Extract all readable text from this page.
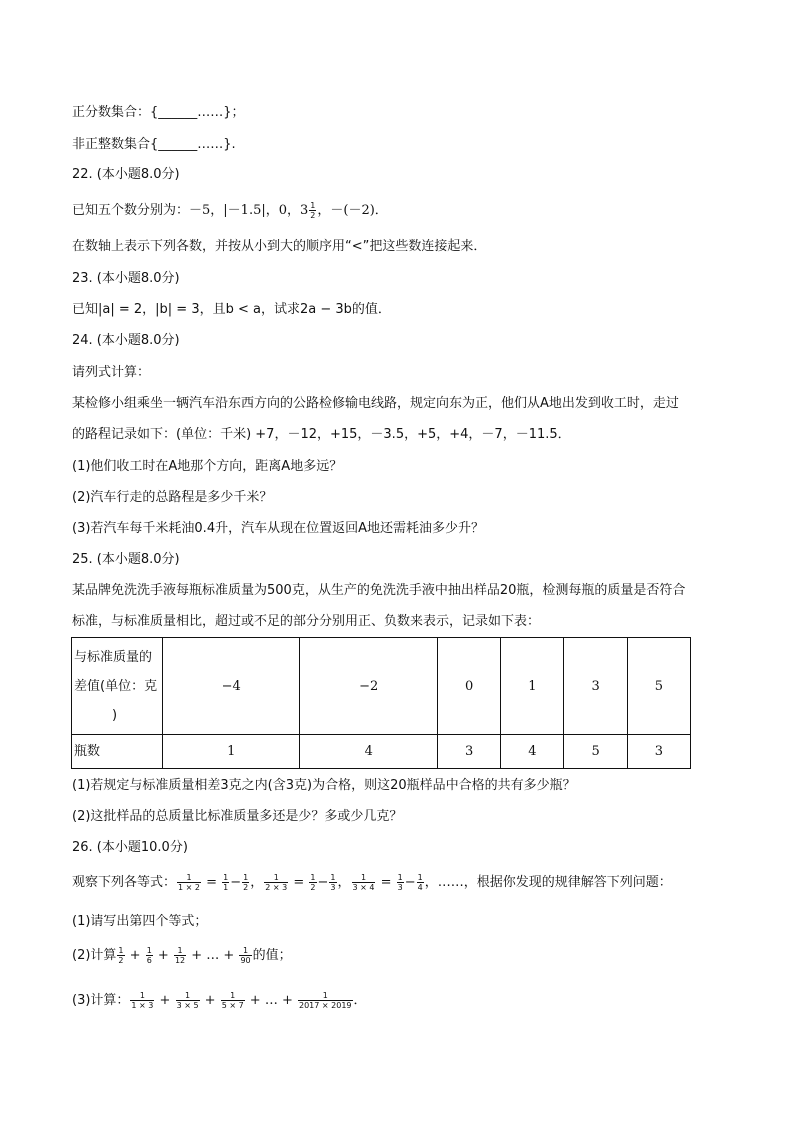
正分数集合：{______……}；
非正整数集合{______……}.
22. (本小题8.0分)
已知五个数分别为：－5，|－1.5|，0，$3 \frac{1}{2}$ ，－(－2)．
在数轴上表示下列各数，并按从小到大的顺序用“<”把这些数连接起来．
23. (本小题8.0分)
已知|a| = 2，|b| = 3，且b < a，试求2a − 3b的值．
24. (本小题8.0分)
请列式计算：
某检修小组乘坐一辆汽车沿东西方向的公路检修输电线路，规定向东为正，他们从A地出发到收工时，走过
的路程记录如下：(单位：千米) +7，－12，+15，－3.5，+5，+4，－7，－11.5．
(1)他们收工时在A地那个方向，距离A地多远？
(2)汽车行走的总路程是多少千米？
(3)若汽车每千米耗油0.4升，汽车从现在位置返回A地还需耗油多少升？
25. (本小题8.0分)
某品牌免洗洗手液每瓶标准质量为500克，从生产的免洗洗手液中抽出样品20瓶，检测每瓶的质量是否符合
标准，与标准质量相比，超过或不足的部分分别用正、负数来表示，记录如下表：
与标准质量的
差值(单位：克
)	−4	−2	0	1	3	5
瓶数	1	4	3	4	5	3
(1)若规定与标准质量相差3克之内(含3克)为合格，则这20瓶样品中合格的共有多少瓶？
(2)这批样品的总质量比标准质量多还是少？多或少几克？
26. (本小题10.0分)
观察下列各等式： $\frac{1}{1 \times 2} = \frac{1}{1} - \frac{1}{2}$ ， $\frac{1}{2 \times 3} = \frac{1}{2} - \frac{1}{3}$ ， $\frac{1}{3 \times 4} = \frac{1}{3} - \frac{1}{4}$ ，……，根据你发现的规律解答下列问题：
(1)请写出第四个等式；
(2)计算 $\frac{1}{2} + \frac{1}{6} + \frac{1}{12}$ + … + $\frac{1}{90}$ 的值；
(3)计算： $\frac{1}{1 \times 3} + \frac{1}{3 \times 5} + \frac{1}{5 \times 7}$ + … + $\frac{1}{2017 \times 2019}$ ．
